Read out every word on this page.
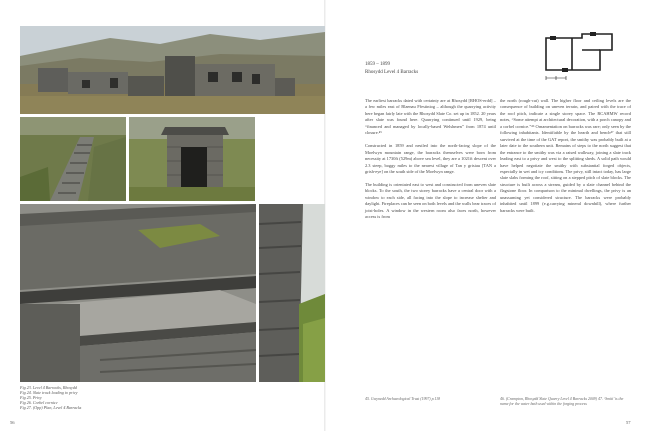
1859 – 1899
Rhosydd Level 4 Barracks

The earliest barracks dated with certainty are at Rhosydd [RHOS-erdd] – a few miles east of Blaenau Ffestiniog – although the quarrying activity here began fairly late with the Rhosydd Slate Co. set up in 1852. 20 years after slate was found here. Quarrying continued until 1929, being “financed and managed by locally-based Welshmen” from 1874 until closure.⁴⁵

Constructed in 1859 and nestled into the north-facing slope of the Moelwyn mountain range, the barracks themselves were born from necessity at 1730ft (529m) above sea level, they are a 1021ft descent over 2.3 steep, boggy miles to the nearest village of Tan y grisiau [TAN a grish-eye] on the south side of the Moelwyn range.

The building is orientated east to west and constructed from uneven slate blocks. To the south, the two storey barracks have a central door with a window to each side, all facing into the slope to increase shelter and daylight. Fireplaces can be seen on both levels and the walls bear traces of joist-holes. A window in the western room also faces north, however access is from

the north (rough-cut) wall. The higher floor and ceiling levels are the consequence of building on uneven terrain, and paired with the trace of the roof pitch, indicate a single storey space. The RCAHMW record notes, “Some attempt at architectural decoration, with a porch canopy and a corbel cornice.”⁴⁶ Ornamentation on barracks was rare; only seen by the following inhabitants. Identifiable by the hearth and bench⁴⁷ that still survived at the time of the GAT report, the smithy was probably built at a later date to the southern unit. Remains of steps to the north suggest that the entrance to the smithy was via a raised walkway, joining a slate track leading east to a privy and west to the splitting sheds. A solid path would have helped negotiate the smithy with substantial forged objects, especially in wet and icy conditions. The privy, still intact today, has large slate slabs forming the roof, sitting on a stepped pitch of slate blocks. The structure is built across a stream, guided by a slate channel behind the flagstone floor. In comparison to the minimal dwellings, the privy is an unassuming yet considered structure. The barracks were probably inhabited until 1899 (e.g.carrying mineral downhill), where further barracks were built.

45. Gwynedd Archaeological Trust (1997) p.118	46. (Crampton, Rhosydd Slate Quarry Level 4 Barracks 2009) 47. ‘Smiti’ is the name for the water bath used within the forging process
Fig 23. Level 4 Barracks, Rhosydd
Fig 24. Slate track leading to privy
Fig 25. Privy
Fig 26. Corbel cornice
Fig 27. (Opp) Plan, Level 4 Barracks
56	57
